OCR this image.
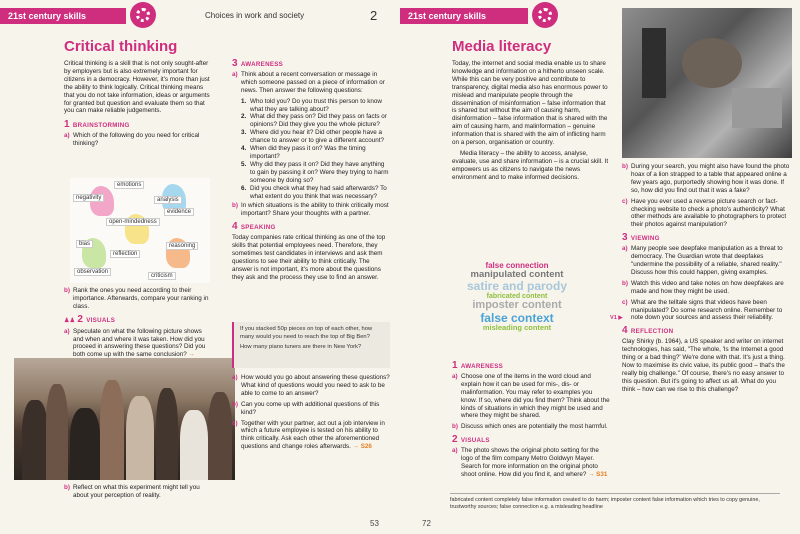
21st century skills	Choices in work and society	2
Critical thinking

Critical thinking is a skill that is not only sought-after by employers but is also extremely important for citizens in a democracy. However, it's more than just the ability to think logically. Critical thinking means that you do not take information, ideas or arguments for granted but question and evaluate them so that you can make reliable judgements.

1 BRAINSTORMING
a) Which of the following do you need for critical thinking?
emotions
negativity	analysis
open-mindedness
evidence
bias
reflection
reasoning
observation
criticism
b) Rank the ones you need according to their importance. Afterwards, compare your ranking in class.
♟♟ 2 VISUALS
a) Speculate on what the following picture shows and when and where it was taken. How did you proceed in answering these questions? Did you both come up with the same conclusion? →
b) Reflect on what this experiment might tell you about your perception of reality.
3 AWARENESS
a) Think about a recent conversation or message in which someone passed on a piece of information or news. Then answer the following questions:
1. Who told you? Do you trust this person to know what they are talking about?
2. What did they pass on? Did they pass on facts or opinions? Did they give you the whole picture?
3. Where did you hear it? Did other people have a chance to answer or to give a different account?
4. When did they pass it on? Was the timing important?
5. Why did they pass it on? Did they have anything to gain by passing it on? Were they trying to harm someone by doing so?
6. Did you check what they had said afterwards? To what extent do you think that was necessary?
b) In which situations is the ability to think critically most important? Share your thoughts with a partner.
4 SPEAKING

Today companies rate critical thinking as one of the top skills that potential employees need. Therefore, they sometimes test candidates in interviews and ask them questions to see their ability to think critically. The answer is not important, it's more about the questions they ask and the process they use to find an answer.

If you stacked 50p pieces on top of each other, how many would you need to reach the top of Big Ben?
How many piano tuners are there in New York?
a) How would you go about answering these questions? What kind of questions would you need to ask to be able to come to an answer?
b) Can you come up with additional questions of this kind?
c) Together with your partner, act out a job interview in which a future employee is tested on his ability to think critically. Ask each other the aforementioned questions and change roles afterwards. → S26
53
21st century skills
Media literacy

Today, the internet and social media enable us to share knowledge and information on a hitherto unseen scale. While this can be very positive and contribute to transparency, digital media also has enormous power to mislead and manipulate people through the dissemination of misinformation – false information that is shared but without the aim of causing harm, disinformation – false information that is shared with the aim of causing harm, and malinformation – genuine information that is shared with the aim of inflicting harm on a person, organisation or country.

Media literacy – the ability to access, analyse, evaluate, use and share information – is a crucial skill. It empowers us as citizens to navigate the news environment and to make informed decisions.

1 AWARENESS
a) Choose one of the items in the word cloud and explain how it can be used for mis-, dis- or malinformation. You may refer to examples you know. If so, where did you find them? Think about the kinds of situations in which they might be used and where they might be shared.
b) Discuss which ones are potentially the most harmful.
2 VISUALS
a) The photo shows the original photo setting for the logo of the film company Metro Goldwyn Mayer. Search for more information on the original photo shoot online. How did you find it, and where? → S31
b) During your search, you might also have found the photo hoax of a lion strapped to a table that appeared online a few years ago, purportedly showing how it was done. If so, how did you find out that it was a fake?
c) Have you ever used a reverse picture search or fact-checking website to check a photo's authenticity? What other methods are available to photographers to protect their photos against manipulation?
3 VIEWING
a) Many people see deepfake manipulation as a threat to democracy. The Guardian wrote that deepfakes "undermine the possibility of a reliable, shared reality." Discuss how this could happen, giving examples.
b) Watch this video and take notes on how deepfakes are made and how they might be used.
c) What are the telltale signs that videos have been manipulated? Do some research online. Remember to note down your sources and assess their reliability.
4 REFLECTION

Clay Shirky (b. 1964), a US speaker and writer on internet technologies, has said, "The whole, 'Is the Internet a good thing or a bad thing?' We're done with that. It's just a thing. Now to maximise its civic value, its public good – that's the really big challenge." Of course, there's no easy answer to this question. But it's going to affect us all. What do you think – how can we rise to this challenge?

V1 ▶
72
false connection
manipulated content
satire and parody
fabricated content
imposter content
false context
misleading content
fabricated content completely false information created to do harm; imposter content false information which tries to copy genuine, trustworthy sources; false connection e.g. a misleading headline
